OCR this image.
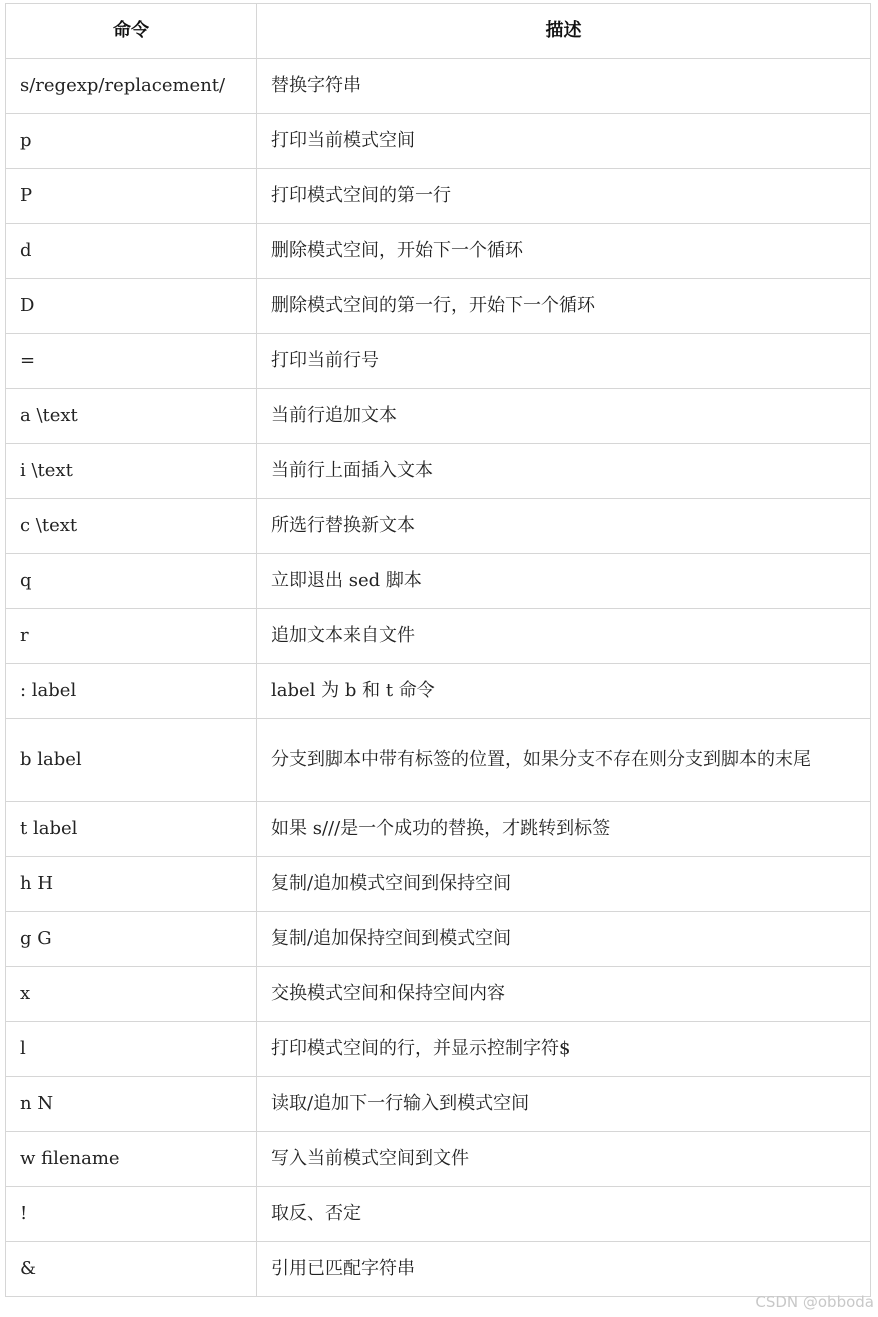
命令	描述
s/regexp/replacement/	替换字符串
p	打印当前模式空间
P	打印模式空间的第一行
d	删除模式空间，开始下一个循环
D	删除模式空间的第一行，开始下一个循环
=	打印当前行号
a \text	当前行追加文本
i \text	当前行上面插入文本
c \text	所选行替换新文本
q	立即退出 sed 脚本
r	追加文本来自文件
: label	label 为 b 和 t 命令
b label	分支到脚本中带有标签的位置，如果分支不存在则分支到脚本的末尾
t label	如果 s///是一个成功的替换，才跳转到标签
h H	复制/追加模式空间到保持空间
g G	复制/追加保持空间到模式空间
x	交换模式空间和保持空间内容
l	打印模式空间的行，并显示控制字符$
n N	读取/追加下一行输入到模式空间
w filename	写入当前模式空间到文件
!	取反、否定
&	引用已匹配字符串
CSDN @obboda
